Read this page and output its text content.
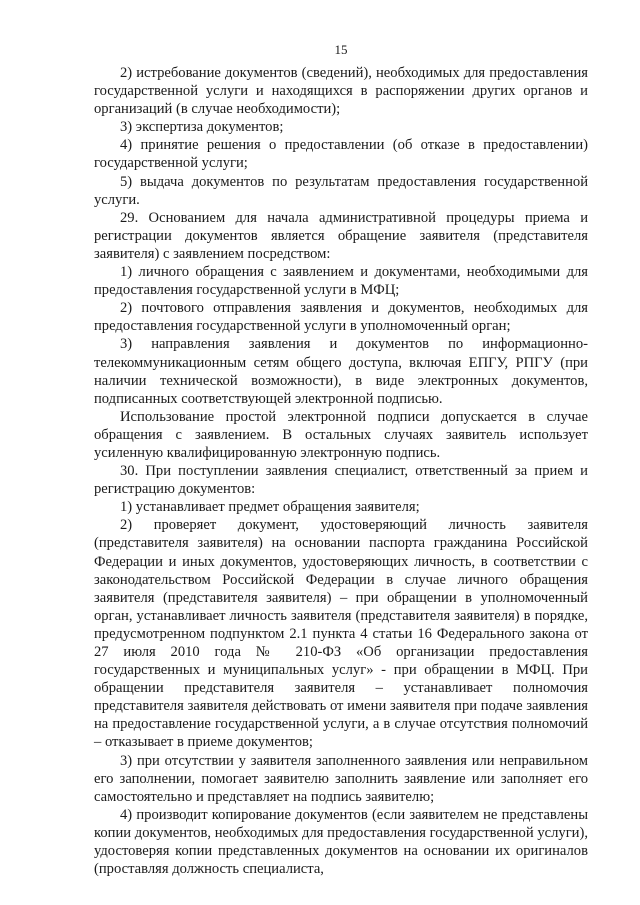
15

2) истребование документов (сведений), необходимых для предоставления государственной услуги и находящихся в распоряжении других органов и организаций (в случае необходимости);

3) экспертиза документов;

4) принятие решения о предоставлении (об отказе в предоставлении) государственной услуги;

5) выдача документов по результатам предоставления государственной услуги.

29. Основанием для начала административной процедуры приема и регистрации документов является обращение заявителя (представителя заявителя) с заявлением посредством:

1) личного обращения с заявлением и документами, необходимыми для предоставления государственной услуги в МФЦ;

2) почтового отправления заявления и документов, необходимых для предоставления государственной услуги в уполномоченный орган;

3) направления заявления и документов по информационно-телекоммуникационным сетям общего доступа, включая ЕПГУ, РПГУ (при наличии технической возможности), в виде электронных документов, подписанных соответствующей электронной подписью.

Использование простой электронной подписи допускается в случае обращения с заявлением. В остальных случаях заявитель использует усиленную квалифицированную электронную подпись.

30. При поступлении заявления специалист, ответственный за прием и регистрацию документов:

1) устанавливает предмет обращения заявителя;

2) проверяет документ, удостоверяющий личность заявителя (представителя заявителя) на основании паспорта гражданина Российской Федерации и иных документов, удостоверяющих личность, в соответствии с законодательством Российской Федерации в случае личного обращения заявителя (представителя заявителя) – при обращении в уполномоченный орган, устанавливает личность заявителя (представителя заявителя) в порядке, предусмотренном подпунктом 2.1 пункта 4 статьи 16 Федерального закона от 27 июля 2010 года № 210-ФЗ «Об организации предоставления государственных и муниципальных услуг» - при обращении в МФЦ. При обращении представителя заявителя – устанавливает полномочия представителя заявителя действовать от имени заявителя при подаче заявления на предоставление государственной услуги, а в случае отсутствия полномочий – отказывает в приеме документов;

3) при отсутствии у заявителя заполненного заявления или неправильном его заполнении, помогает заявителю заполнить заявление или заполняет его самостоятельно и представляет на подпись заявителю;

4) производит копирование документов (если заявителем не представлены копии документов, необходимых для предоставления государственной услуги), удостоверяя копии представленных документов на основании их оригиналов (проставляя должность специалиста,
